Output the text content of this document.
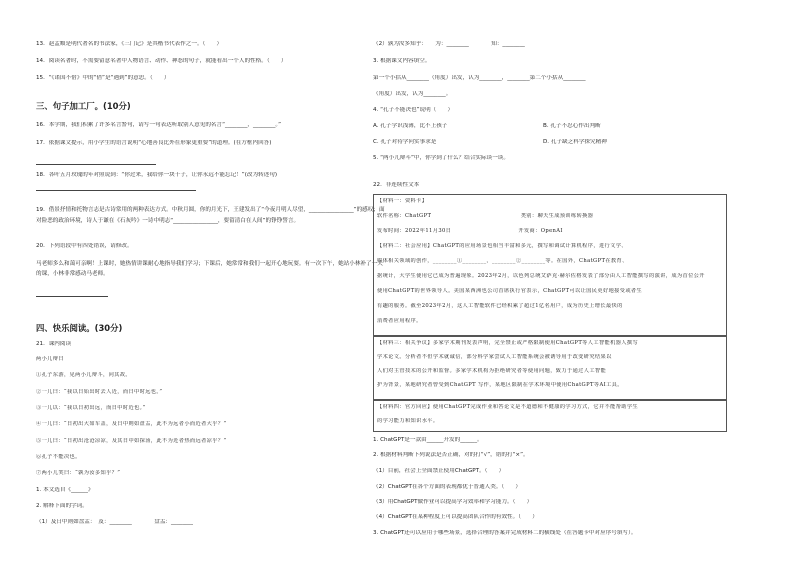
13．赵孟頫是明代著名的书法家，《三门记》是其楷书代表作之一。（　　）
14．阅读名著时，不需要留意名著中人物语言、动作、神态的句子，就能看出一个人的性格。（　　）
15．“《诺国不借》中的“借”是“遇到”的意思。（　　）
三、句子加工厂。(10分)
16．本学期，我们积累了许多名言警句，请写一句表达听取别人意见的名言“________，________。”
17．依据课文提示，用小学生的语言说明“心地善良比外在形象更重要”的道理。(在方框内回答)
18．各叶五月玫瑰的年对照说到：“你过来，我给你一块千子，让你永远不能忘记！”(改为转述句)
19．借景抒情和托物言志是古诗常用的两种表达方式。中秋月圆，你的月光下，王建发出了“今夜月明人尽望，________________”的感叹；面对险恶的政治环境，诗人于谦在《石灰吟》一诗中明志“________________，要留清白在人间”的铮铮誓言。
20．下列语段中有四处错误，请修改。
马老师多么和蔼可亲啊！上课时，她热情讲课耐心地指导我们学习；下课后，她常常和我们一起开心地玩耍。有一次下午，她站小林补了一天的课，小林非常感动马老师。
四、快乐阅读。(30分)
21．课内阅读
两小儿辩日
①孔子东游，见两小儿辩斗，问其故。
②一儿曰：“我以日始出时去人近，而日中时远也。”
③一儿以：“我以日初出远，而日中时近也。”
④一儿曰：“日初出大如车盖，及日中则如盘盂，此不为远者小而近者大乎？”
⑤一儿曰：“日初出沧沧凉凉，及其日中如探汤，此不为近者热而远者凉乎？”
⑥孔子不能决也。
⑦两小儿笑曰：“孰为汝多知乎？”
1. 本文选自《______》
2. 解释下面的字词。
（1）及日中则如盘盂：　及：________　　　　盘盂：________
（2）孰为汝多知乎：　　为：________　　　　知：________
3. 根据课文内容填空。
第一个小括从________（角度）出发，认为________，________第二个小括从________
（角度）出发，认为________。
4. “孔子不能决也”说明（　　）
A. 孔子学识浅薄，比不上孩子	B. 孔子不忍心作出判断
C. 孔子对待学问实事求是	D. 孔子缺乏科学探究精神
5. “两小儿辩斗”中，你学到了什么？结合实际谈一谈。
22．非连续性文本
【材料一：资料卡】
软件名称：ChatGPT　　　　　　　　　　　　　　　　类别：聊天生成预训练转换器
发布时间：2022年11月30日　　　　　　　　　　　　开发商：OpenAI
【材料二：社会应用】ChatGPT的应用场景也相当丰富和多元，撰写和调试计算机程序，进行文学、
媒体相关领域的创作，________①________，________②________等。在国外，ChatGPT在教育、
据统计，大学生使用它已成为普遍现象。2023年2月，以色列总统艾萨克·赫尔佐格发表了部分由人工智能撰写的演讲，成为首位公开
使用ChatGPT的世界领导人。美国某西洲也公司首席执行官表示，ChatGPT可以让国民更好地接受或者生
有趣的服务。截至2023年2月，这人工智能软件已经积累了超过1亿名用户，成为历史上增长最快的
消费者应用程序。
【材料三：相关争议】多家学术期刊发表声明，完全禁止或严格限制使用ChatGPT等人工智能机器人撰写
学术论文。分析者不但学术就诚信，部分科学家尝试人工智能系统会被诱导用于改变研究结果以
人们对主管技术的公开和监督。多家学术机构为拒绝研究者等使用问题，致力于通过人工智能
护为背景，某地研究者曾受到ChatGPT 写作，某地区限制在学术环境中使用ChatGPT等AI工具。
【材料四：官方回应】使用ChatGPT完成作业和答论文是不道德和不健康的学习方式，它并不能帮助学生
的学习能力和知识水平。
1. ChatGPT是一款由______开发的______。
2. 根据材料判断下列说法是否正确，对的打“√”，错的打“×”。
（1）目前，社会上全面禁止使用ChatGPT。（　　）
（2）ChatGPT在各个方面的表现都优于普通人类。（　　）
（3）用ChatGPT做作业可以提高学习效率和学习能力。（　　）
（4）ChatGPT在某种程度上可以提高团队合作的有效性。（　　）
3. ChatGPT还可以应用于哪些场景，选择合理的答案并完成材料二的横线处（在答题卡中对应序号填写）。
